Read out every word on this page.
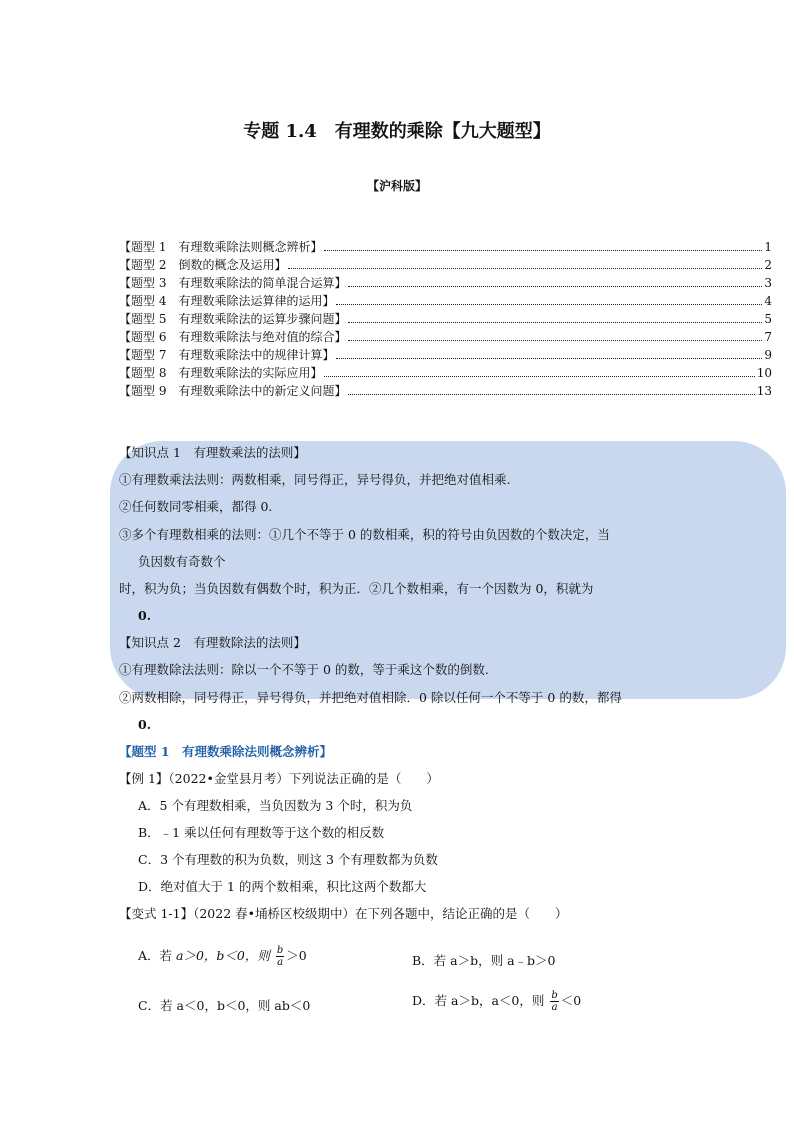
专题 1.4　有理数的乘除【九大题型】
【沪科版】
【题型 1　有理数乘除法则概念辨析】	1
【题型 2　倒数的概念及运用】	2
【题型 3　有理数乘除法的简单混合运算】	3
【题型 4　有理数乘除法运算律的运用】	4
【题型 5　有理数乘除法的运算步骤问题】	5
【题型 6　有理数乘除法与绝对值的综合】	7
【题型 7　有理数乘除法中的规律计算】	9
【题型 8　有理数乘除法的实际应用】	10
【题型 9　有理数乘除法中的新定义问题】	13
【知识点 1　有理数乘法的法则】
①有理数乘法法则：两数相乘，同号得正，异号得负，并把绝对值相乘.
②任何数同零相乘，都得 0.
③多个有理数相乘的法则：①几个不等于 0 的数相乘，积的符号由负因数的个数决定，当
负因数有奇数个
时，积为负；当负因数有偶数个时，积为正．②几个数相乘，有一个因数为 0，积就为
0.
【知识点 2　有理数除法的法则】
①有理数除法法则：除以一个不等于 0 的数，等于乘这个数的倒数.
②两数相除，同号得正，异号得负，并把绝对值相除．0 除以任何一个不等于 0 的数，都得
0.
【题型 1　有理数乘除法则概念辨析】
【例 1】（2022•金堂县月考）下列说法正确的是（　　）
A．5 个有理数相乘，当负因数为 3 个时，积为负
B．﹣1 乘以任何有理数等于这个数的相反数
C．3 个有理数的积为负数，则这 3 个有理数都为负数
D．绝对值大于 1 的两个数相乘，积比这两个数都大
【变式 1-1】（2022 春•埇桥区校级期中）在下列各题中，结论正确的是（　　）
A．若 a＞0，b＜0，则 $\frac{b}{a} >0$	B．若 a＞b，则 a﹣b＞0
C．若 a＜0，b＜0，则 ab＜0	D．若 a＞b，a＜0，则 $\frac{b}{a} <0$
